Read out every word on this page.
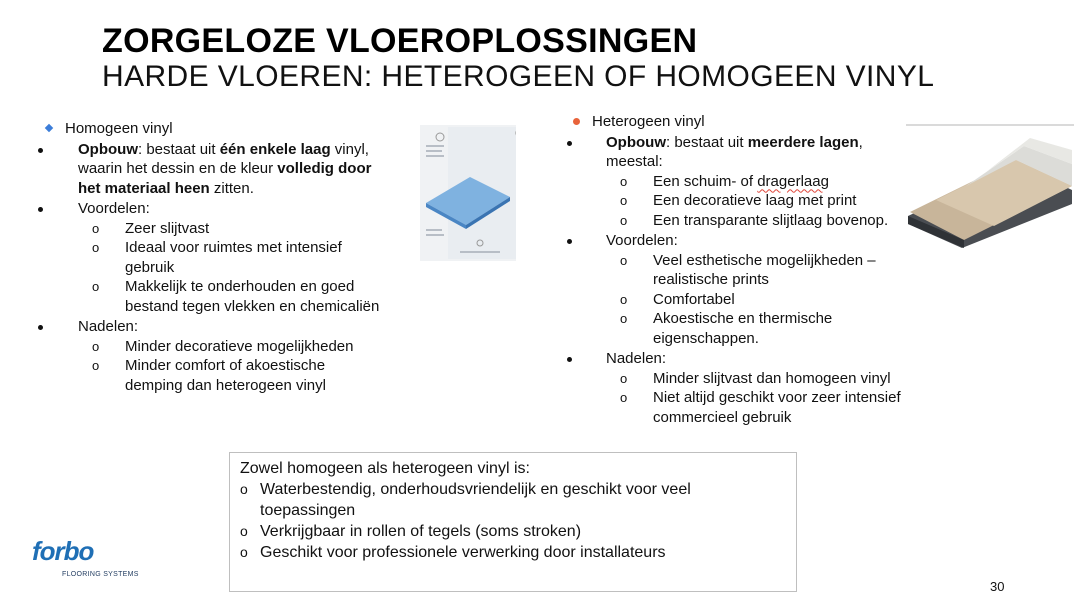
ZORGELOZE VLOEROPLOSSINGEN
HARDE VLOEREN: HETEROGEEN OF HOMOGEEN VINYL
Homogeen vinyl
Opbouw: bestaat uit één enkele laag vinyl,
waarin het dessin en de kleur volledig door
het materiaal heen zitten.
Voordelen:
o Zeer slijtvast
o Ideaal voor ruimtes met intensief
gebruik
o Makkelijk te onderhouden en goed
bestand tegen vlekken en chemicaliën
Nadelen:
o Minder decoratieve mogelijkheden
o Minder comfort of akoestische
demping dan heterogeen vinyl
Heterogeen vinyl
Opbouw: bestaat uit meerdere lagen,
meestal:
o Een schuim- of dragerlaag
o Een decoratieve laag met print
o Een transparante slijtlaag bovenop.
Voordelen:
o Veel esthetische mogelijkheden –
realistische prints
o Comfortabel
o Akoestische en thermische
eigenschappen.
Nadelen:
o Minder slijtvast dan homogeen vinyl
o Niet altijd geschikt voor zeer intensief
commercieel gebruik
Zowel homogeen als heterogeen vinyl is:
o Waterbestendig, onderhoudsvriendelijk en geschikt voor veel
toepassingen
o Verkrijgbaar in rollen of tegels (soms stroken)
o Geschikt voor professionele verwerking door installateurs
forbo
FLOORING SYSTEMS
30
